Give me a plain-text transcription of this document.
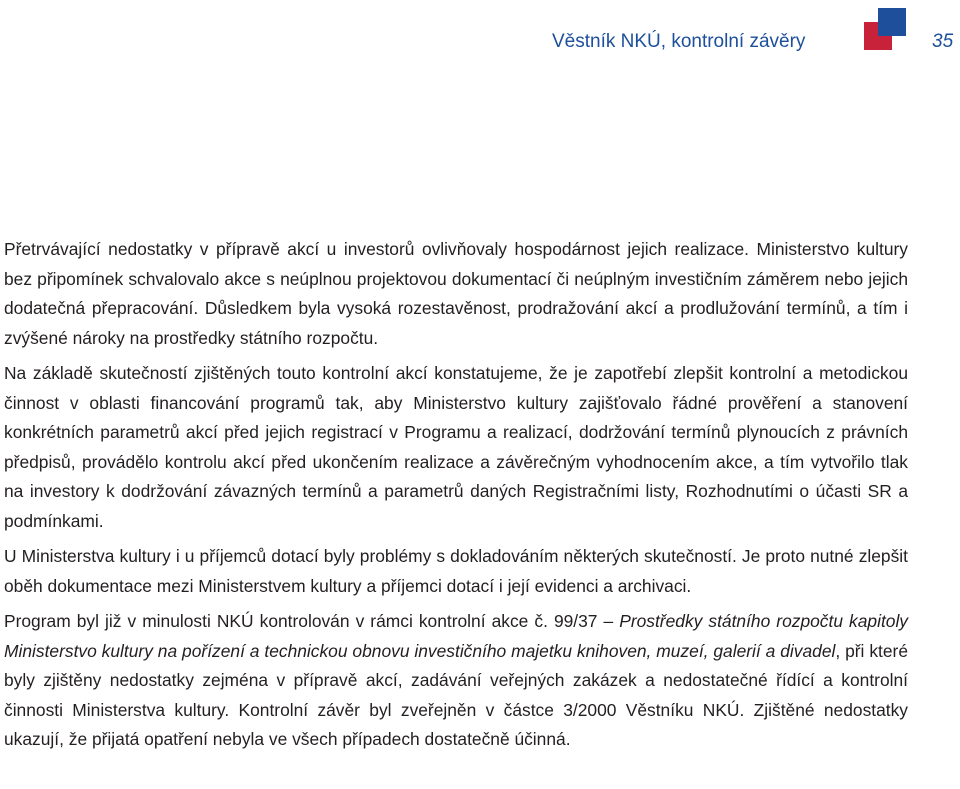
Věstník NKÚ, kontrolní závěry	35

Přetrvávající nedostatky v přípravě akcí u investorů ovlivňovaly hospodárnost jejich realizace. Ministerstvo kultury bez připomínek schvalovalo akce s neúplnou projektovou dokumentací či neúplným investičním záměrem nebo jejich dodatečná přepracování. Důsledkem byla vysoká rozestavěnost, prodražování akcí a prodlužování termínů, a tím i zvýšené nároky na prostředky státního rozpočtu.

Na základě skutečností zjištěných touto kontrolní akcí konstatujeme, že je zapotřebí zlepšit kontrolní a metodickou činnost v oblasti financování programů tak, aby Ministerstvo kultury zajišťovalo řádné prověření a stanovení konkrétních parametrů akcí před jejich registrací v Programu a realizací, dodržování termínů plynoucích z právních předpisů, provádělo kontrolu akcí před ukončením realizace a závěrečným vyhodnocením akce, a tím vytvořilo tlak na investory k dodržování závazných termínů a parametrů daných Registračními listy, Rozhodnutími o účasti SR a podmínkami.

U Ministerstva kultury i u příjemců dotací byly problémy s dokladováním některých skutečností. Je proto nutné zlepšit oběh dokumentace mezi Ministerstvem kultury a příjemci dotací i její evidenci a archivaci.

Program byl již v minulosti NKÚ kontrolován v rámci kontrolní akce č. 99/37 – Prostředky státního rozpočtu kapitoly Ministerstvo kultury na pořízení a technickou obnovu investičního majetku knihoven, muzeí, galerií a divadel, při které byly zjištěny nedostatky zejména v přípravě akcí, zadávání veřejných zakázek a nedostatečné řídící a kontrolní činnosti Ministerstva kultury. Kontrolní závěr byl zveřejněn v částce 3/2000 Věstníku NKÚ. Zjištěné nedostatky ukazují, že přijatá opatření nebyla ve všech případech dostatečně účinná.
